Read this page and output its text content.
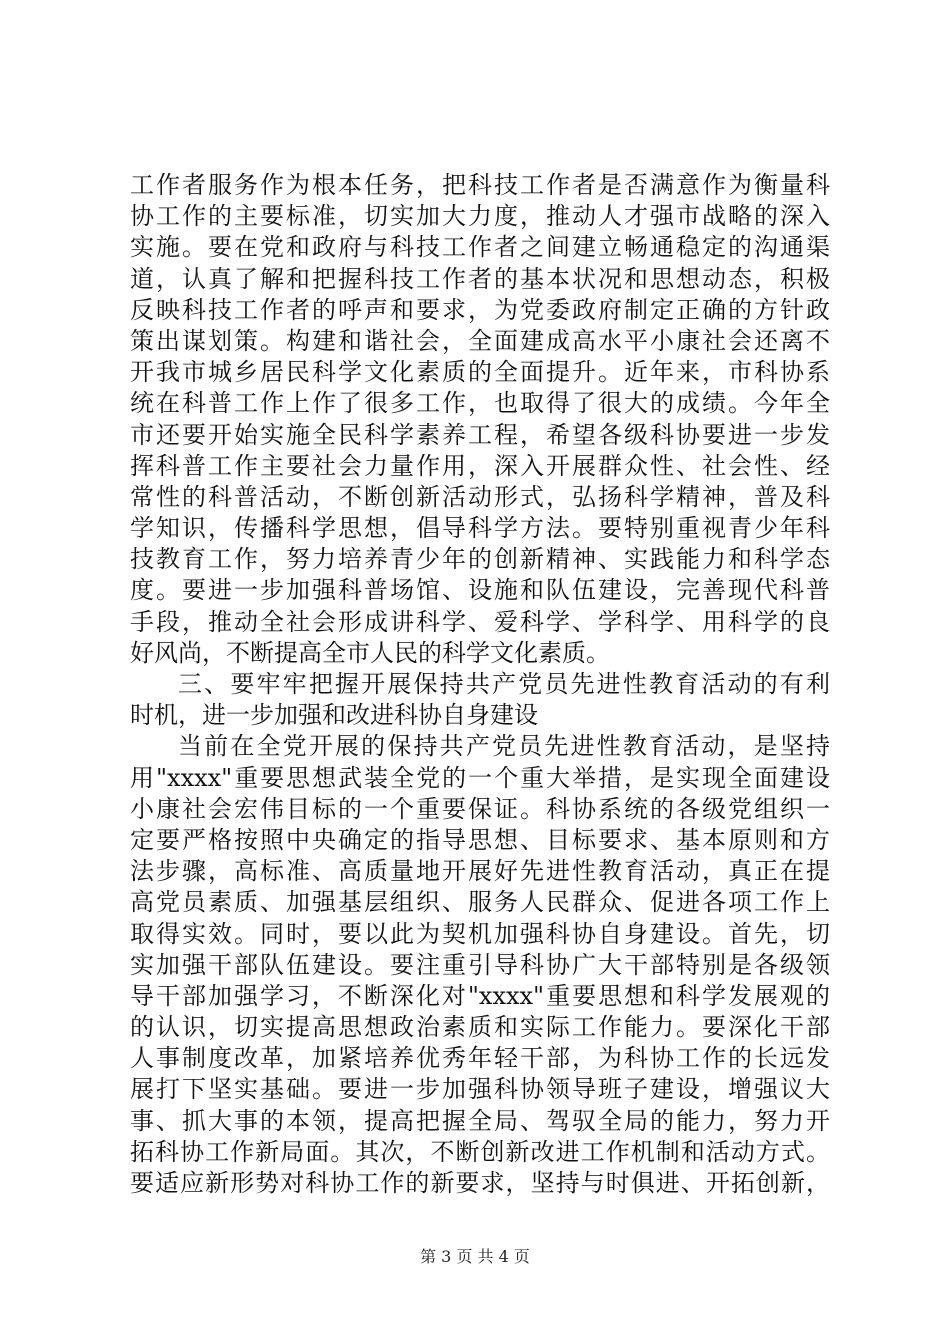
工作者服务作为根本任务，把科技工作者是否满意作为衡量科
协工作的主要标准，切实加大力度，推动人才强市战略的深入
实施。要在党和政府与科技工作者之间建立畅通稳定的沟通渠
道，认真了解和把握科技工作者的基本状况和思想动态，积极
反映科技工作者的呼声和要求，为党委政府制定正确的方针政
策出谋划策。构建和谐社会，全面建成高水平小康社会还离不
开我市城乡居民科学文化素质的全面提升。近年来，市科协系
统在科普工作上作了很多工作，也取得了很大的成绩。今年全
市还要开始实施全民科学素养工程，希望各级科协要进一步发
挥科普工作主要社会力量作用，深入开展群众性、社会性、经
常性的科普活动，不断创新活动形式，弘扬科学精神，普及科
学知识，传播科学思想，倡导科学方法。要特别重视青少年科
技教育工作，努力培养青少年的创新精神、实践能力和科学态
度。要进一步加强科普场馆、设施和队伍建设，完善现代科普
手段，推动全社会形成讲科学、爱科学、学科学、用科学的良
好风尚，不断提高全市人民的科学文化素质。
三、要牢牢把握开展保持共产党员先进性教育活动的有利
时机，进一步加强和改进科协自身建设
当前在全党开展的保持共产党员先进性教育活动，是坚持
用"xxxx"重要思想武装全党的一个重大举措，是实现全面建设
小康社会宏伟目标的一个重要保证。科协系统的各级党组织一
定要严格按照中央确定的指导思想、目标要求、基本原则和方
法步骤，高标准、高质量地开展好先进性教育活动，真正在提
高党员素质、加强基层组织、服务人民群众、促进各项工作上
取得实效。同时，要以此为契机加强科协自身建设。首先，切
实加强干部队伍建设。要注重引导科协广大干部特别是各级领
导干部加强学习，不断深化对"xxxx"重要思想和科学发展观的
的认识，切实提高思想政治素质和实际工作能力。要深化干部
人事制度改革，加紧培养优秀年轻干部，为科协工作的长远发
展打下坚实基础。要进一步加强科协领导班子建设，增强议大
事、抓大事的本领，提高把握全局、驾驭全局的能力，努力开
拓科协工作新局面。其次，不断创新改进工作机制和活动方式。
要适应新形势对科协工作的新要求，坚持与时俱进、开拓创新，
第 3 页 共 4 页
